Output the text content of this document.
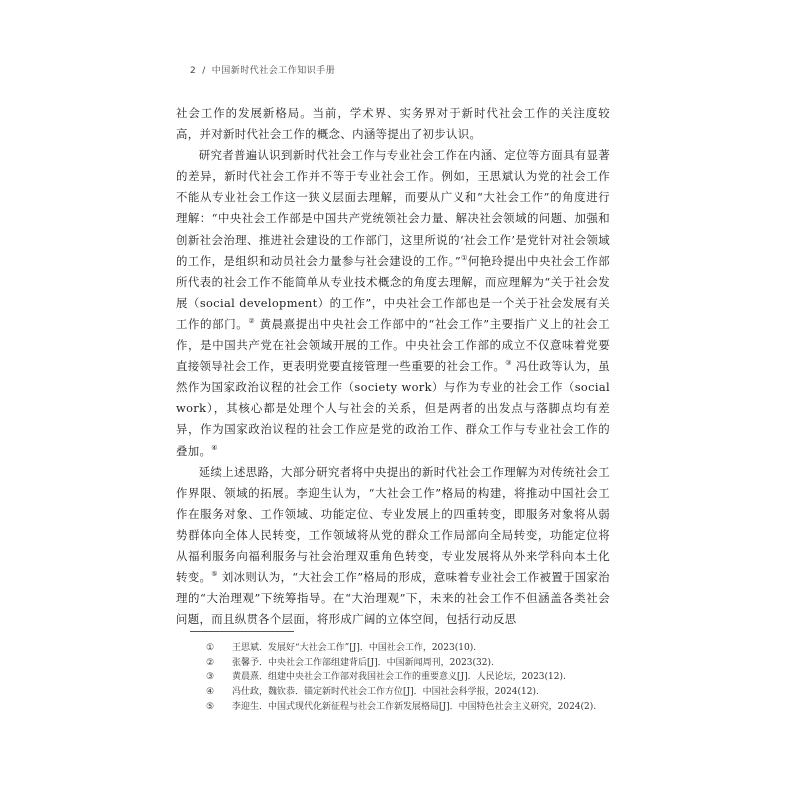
2 / 中国新时代社会工作知识手册

社会工作的发展新格局。当前，学术界、实务界对于新时代社会工作的关注度较高，并对新时代社会工作的概念、内涵等提出了初步认识。

研究者普遍认识到新时代社会工作与专业社会工作在内涵、定位等方面具有显著的差异，新时代社会工作并不等于专业社会工作。例如，王思斌认为党的社会工作不能从专业社会工作这一狭义层面去理解，而要从广义和“大社会工作”的角度进行理解：“中央社会工作部是中国共产党统领社会力量、解决社会领域的问题、加强和创新社会治理、推进社会建设的工作部门，这里所说的‘社会工作’是党针对社会领域的工作，是组织和动员社会力量参与社会建设的工作。”①何艳玲提出中央社会工作部所代表的社会工作不能简单从专业技术概念的角度去理解，而应理解为“关于社会发展（social development）的工作”，中央社会工作部也是一个关于社会发展有关工作的部门。② 黄晨熹提出中央社会工作部中的“社会工作”主要指广义上的社会工作，是中国共产党在社会领域开展的工作。中央社会工作部的成立不仅意味着党要直接领导社会工作，更表明党要直接管理一些重要的社会工作。③ 冯仕政等认为，虽然作为国家政治议程的社会工作（society work）与作为专业的社会工作（social work），其核心都是处理个人与社会的关系，但是两者的出发点与落脚点均有差异，作为国家政治议程的社会工作应是党的政治工作、群众工作与专业社会工作的叠加。④

延续上述思路，大部分研究者将中央提出的新时代社会工作理解为对传统社会工作界限、领域的拓展。李迎生认为，“大社会工作”格局的构建，将推动中国社会工作在服务对象、工作领域、功能定位、专业发展上的四重转变，即服务对象将从弱势群体向全体人民转变，工作领域将从党的群众工作局部向全局转变，功能定位将从福利服务向福利服务与社会治理双重角色转变，专业发展将从外来学科向本土化转变。⑤ 刘冰则认为，“大社会工作”格局的形成，意味着专业社会工作被置于国家治理的“大治理观”下统筹指导。在“大治理观”下，未来的社会工作不但涵盖各类社会问题，而且纵贯各个层面，将形成广阔的立体空间，包括行动反思

①	王思斌．发展好“大社会工作”[J]．中国社会工作，2023(10).
②	张馨予．中央社会工作部组建背后[J]．中国新闻周刊，2023(32).
③	黄晨熹．组建中央社会工作部对我国社会工作的重要意义[J]．人民论坛，2023(12).
④	冯仕政，魏钦恭．锚定新时代社会工作方位[J]．中国社会科学报，2024(12).
⑤	李迎生．中国式现代化新征程与社会工作新发展格局[J]．中国特色社会主义研究，2024(2).
